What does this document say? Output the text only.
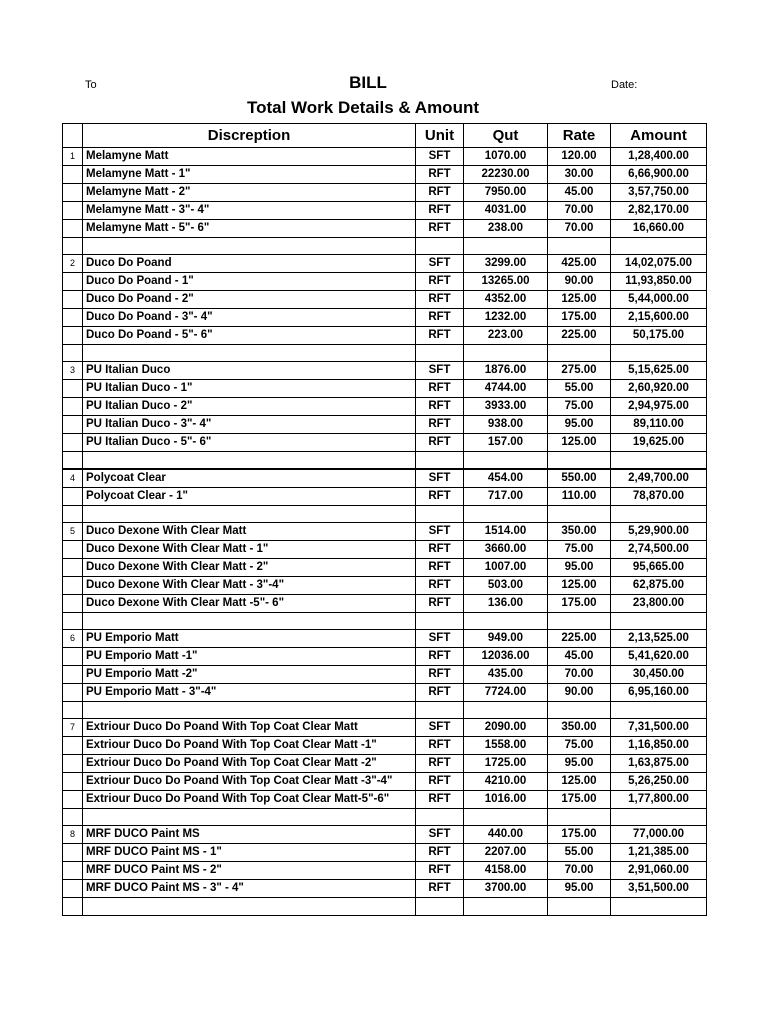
To	BILL	Date:
Total Work Details & Amount
	Discreption	Unit	Qut	Rate	Amount
1	Melamyne Matt	SFT	1070.00	120.00	1,28,400.00
	Melamyne Matt - 1"	RFT	22230.00	30.00	6,66,900.00
	Melamyne Matt - 2"	RFT	7950.00	45.00	3,57,750.00
	Melamyne Matt - 3"- 4"	RFT	4031.00	70.00	2,82,170.00
	Melamyne Matt - 5"- 6"	RFT	238.00	70.00	16,660.00

2	Duco Do Poand	SFT	3299.00	425.00	14,02,075.00
	Duco Do Poand - 1"	RFT	13265.00	90.00	11,93,850.00
	Duco Do Poand - 2"	RFT	4352.00	125.00	5,44,000.00
	Duco Do Poand - 3"- 4"	RFT	1232.00	175.00	2,15,600.00
	Duco Do Poand - 5"- 6"	RFT	223.00	225.00	50,175.00

3	PU Italian Duco	SFT	1876.00	275.00	5,15,625.00
	PU Italian Duco - 1"	RFT	4744.00	55.00	2,60,920.00
	PU Italian Duco - 2"	RFT	3933.00	75.00	2,94,975.00
	PU Italian Duco - 3"- 4"	RFT	938.00	95.00	89,110.00
	PU Italian Duco - 5"- 6"	RFT	157.00	125.00	19,625.00

4	Polycoat Clear	SFT	454.00	550.00	2,49,700.00
	Polycoat Clear - 1"	RFT	717.00	110.00	78,870.00

5	Duco Dexone With Clear Matt	SFT	1514.00	350.00	5,29,900.00
	Duco Dexone With Clear Matt - 1"	RFT	3660.00	75.00	2,74,500.00
	Duco Dexone With Clear Matt - 2"	RFT	1007.00	95.00	95,665.00
	Duco Dexone With Clear Matt - 3"-4"	RFT	503.00	125.00	62,875.00
	Duco Dexone With Clear Matt -5"- 6"	RFT	136.00	175.00	23,800.00

6	PU Emporio Matt	SFT	949.00	225.00	2,13,525.00
	PU Emporio Matt -1"	RFT	12036.00	45.00	5,41,620.00
	PU Emporio Matt -2"	RFT	435.00	70.00	30,450.00
	PU Emporio Matt - 3"-4"	RFT	7724.00	90.00	6,95,160.00

7	Extriour Duco Do Poand With Top Coat Clear Matt	SFT	2090.00	350.00	7,31,500.00
	Extriour Duco Do Poand With Top Coat Clear Matt -1"	RFT	1558.00	75.00	1,16,850.00
	Extriour Duco Do Poand With Top Coat Clear Matt -2"	RFT	1725.00	95.00	1,63,875.00
	Extriour Duco Do Poand With Top Coat Clear Matt -3"-4"	RFT	4210.00	125.00	5,26,250.00
	Extriour Duco Do Poand With Top Coat Clear Matt-5"-6"	RFT	1016.00	175.00	1,77,800.00

8	MRF DUCO Paint MS	SFT	440.00	175.00	77,000.00
	MRF DUCO Paint MS - 1"	RFT	2207.00	55.00	1,21,385.00
	MRF DUCO Paint MS - 2"	RFT	4158.00	70.00	2,91,060.00
	MRF DUCO Paint MS - 3" - 4"	RFT	3700.00	95.00	3,51,500.00
